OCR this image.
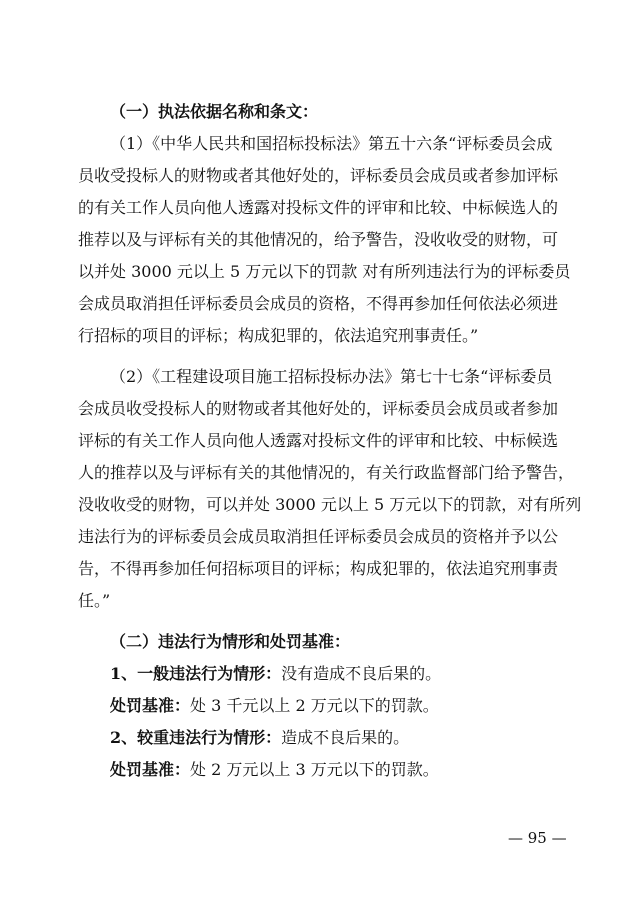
（一）执法依据名称和条文：
（1）《中华人民共和国招标投标法》第五十六条“评标委员会成
员收受投标人的财物或者其他好处的，评标委员会成员或者参加评标
的有关工作人员向他人透露对投标文件的评审和比较、中标候选人的
推荐以及与评标有关的其他情况的，给予警告，没收收受的财物，可
以并处 3000 元以上 5 万元以下的罚款 对有所列违法行为的评标委员
会成员取消担任评标委员会成员的资格，不得再参加任何依法必须进
行招标的项目的评标；构成犯罪的，依法追究刑事责任。”
（2）《工程建设项目施工招标投标办法》第七十七条“评标委员
会成员收受投标人的财物或者其他好处的，评标委员会成员或者参加
评标的有关工作人员向他人透露对投标文件的评审和比较、中标候选
人的推荐以及与评标有关的其他情况的，有关行政监督部门给予警告，
没收收受的财物，可以并处 3000 元以上 5 万元以下的罚款，对有所列
违法行为的评标委员会成员取消担任评标委员会成员的资格并予以公
告，不得再参加任何招标项目的评标；构成犯罪的，依法追究刑事责
任。”
（二）违法行为情形和处罚基准：
1、一般违法行为情形：没有造成不良后果的。
处罚基准：处 3 千元以上 2 万元以下的罚款。
2、较重违法行为情形：造成不良后果的。
处罚基准：处 2 万元以上 3 万元以下的罚款。
— 95 —
